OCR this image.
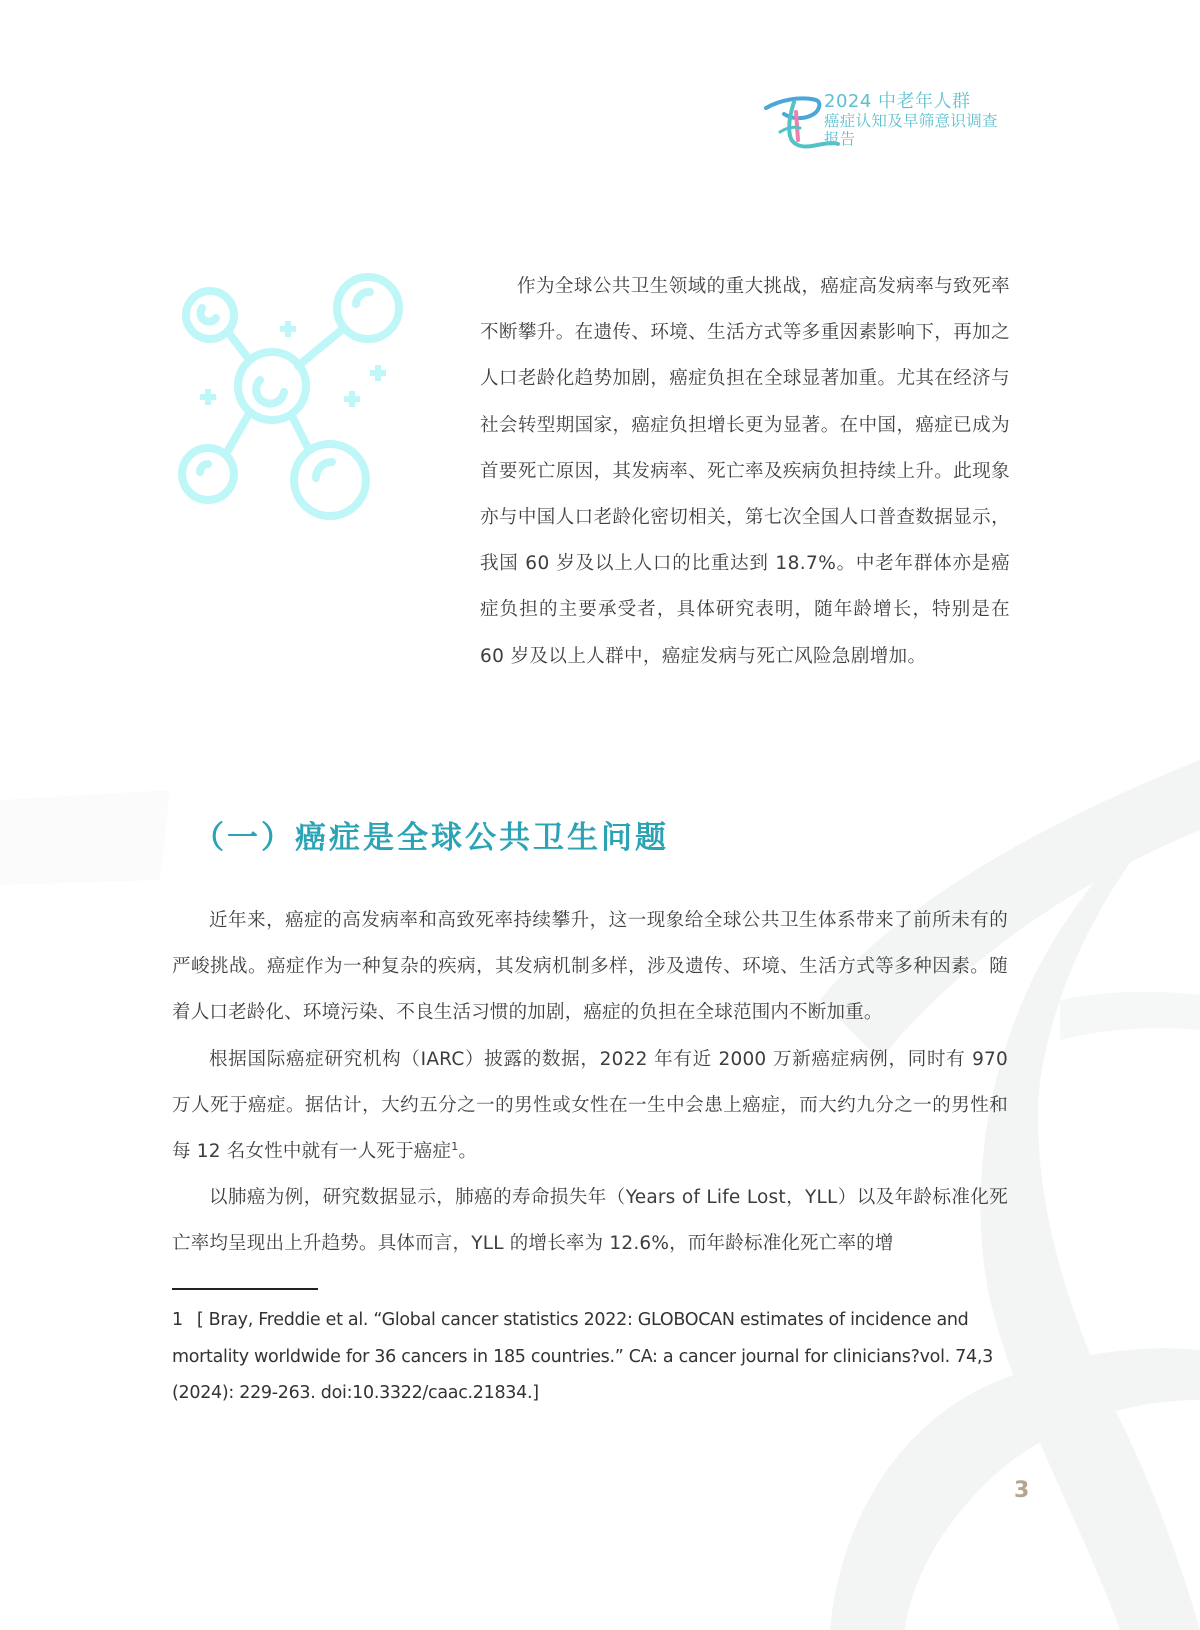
2024 中老年人群
癌症认知及早筛意识调查报告

作为全球公共卫生领域的重大挑战，癌症高发病率与致死率不断攀升。在遗传、环境、生活方式等多重因素影响下，再加之人口老龄化趋势加剧，癌症负担在全球显著加重。尤其在经济与社会转型期国家，癌症负担增长更为显著。在中国，癌症已成为首要死亡原因，其发病率、死亡率及疾病负担持续上升。此现象亦与中国人口老龄化密切相关，第七次全国人口普查数据显示，我国 60 岁及以上人口的比重达到 18.7%。中老年群体亦是癌症负担的主要承受者，具体研究表明，随年龄增长，特别是在 60 岁及以上人群中，癌症发病与死亡风险急剧增加。

（一）癌症是全球公共卫生问题

近年来，癌症的高发病率和高致死率持续攀升，这一现象给全球公共卫生体系带来了前所未有的严峻挑战。癌症作为一种复杂的疾病，其发病机制多样，涉及遗传、环境、生活方式等多种因素。随着人口老龄化、环境污染、不良生活习惯的加剧，癌症的负担在全球范围内不断加重。

根据国际癌症研究机构（IARC）披露的数据，2022 年有近 2000 万新癌症病例，同时有 970 万人死于癌症。据估计，大约五分之一的男性或女性在一生中会患上癌症，而大约九分之一的男性和每 12 名女性中就有一人死于癌症$^1$。

以肺癌为例，研究数据显示，肺癌的寿命损失年（Years of Life Lost，YLL）以及年龄标准化死亡率均呈现出上升趋势。具体而言，YLL 的增长率为 12.6%，而年龄标准化死亡率的增

1 [ Bray, Freddie et al. “Global cancer statistics 2022: GLOBOCAN estimates of incidence and mortality worldwide for 36 cancers in 185 countries.” CA: a cancer journal for clinicians?vol. 74,3 (2024): 229-263. doi:10.3322/caac.21834.]
3
